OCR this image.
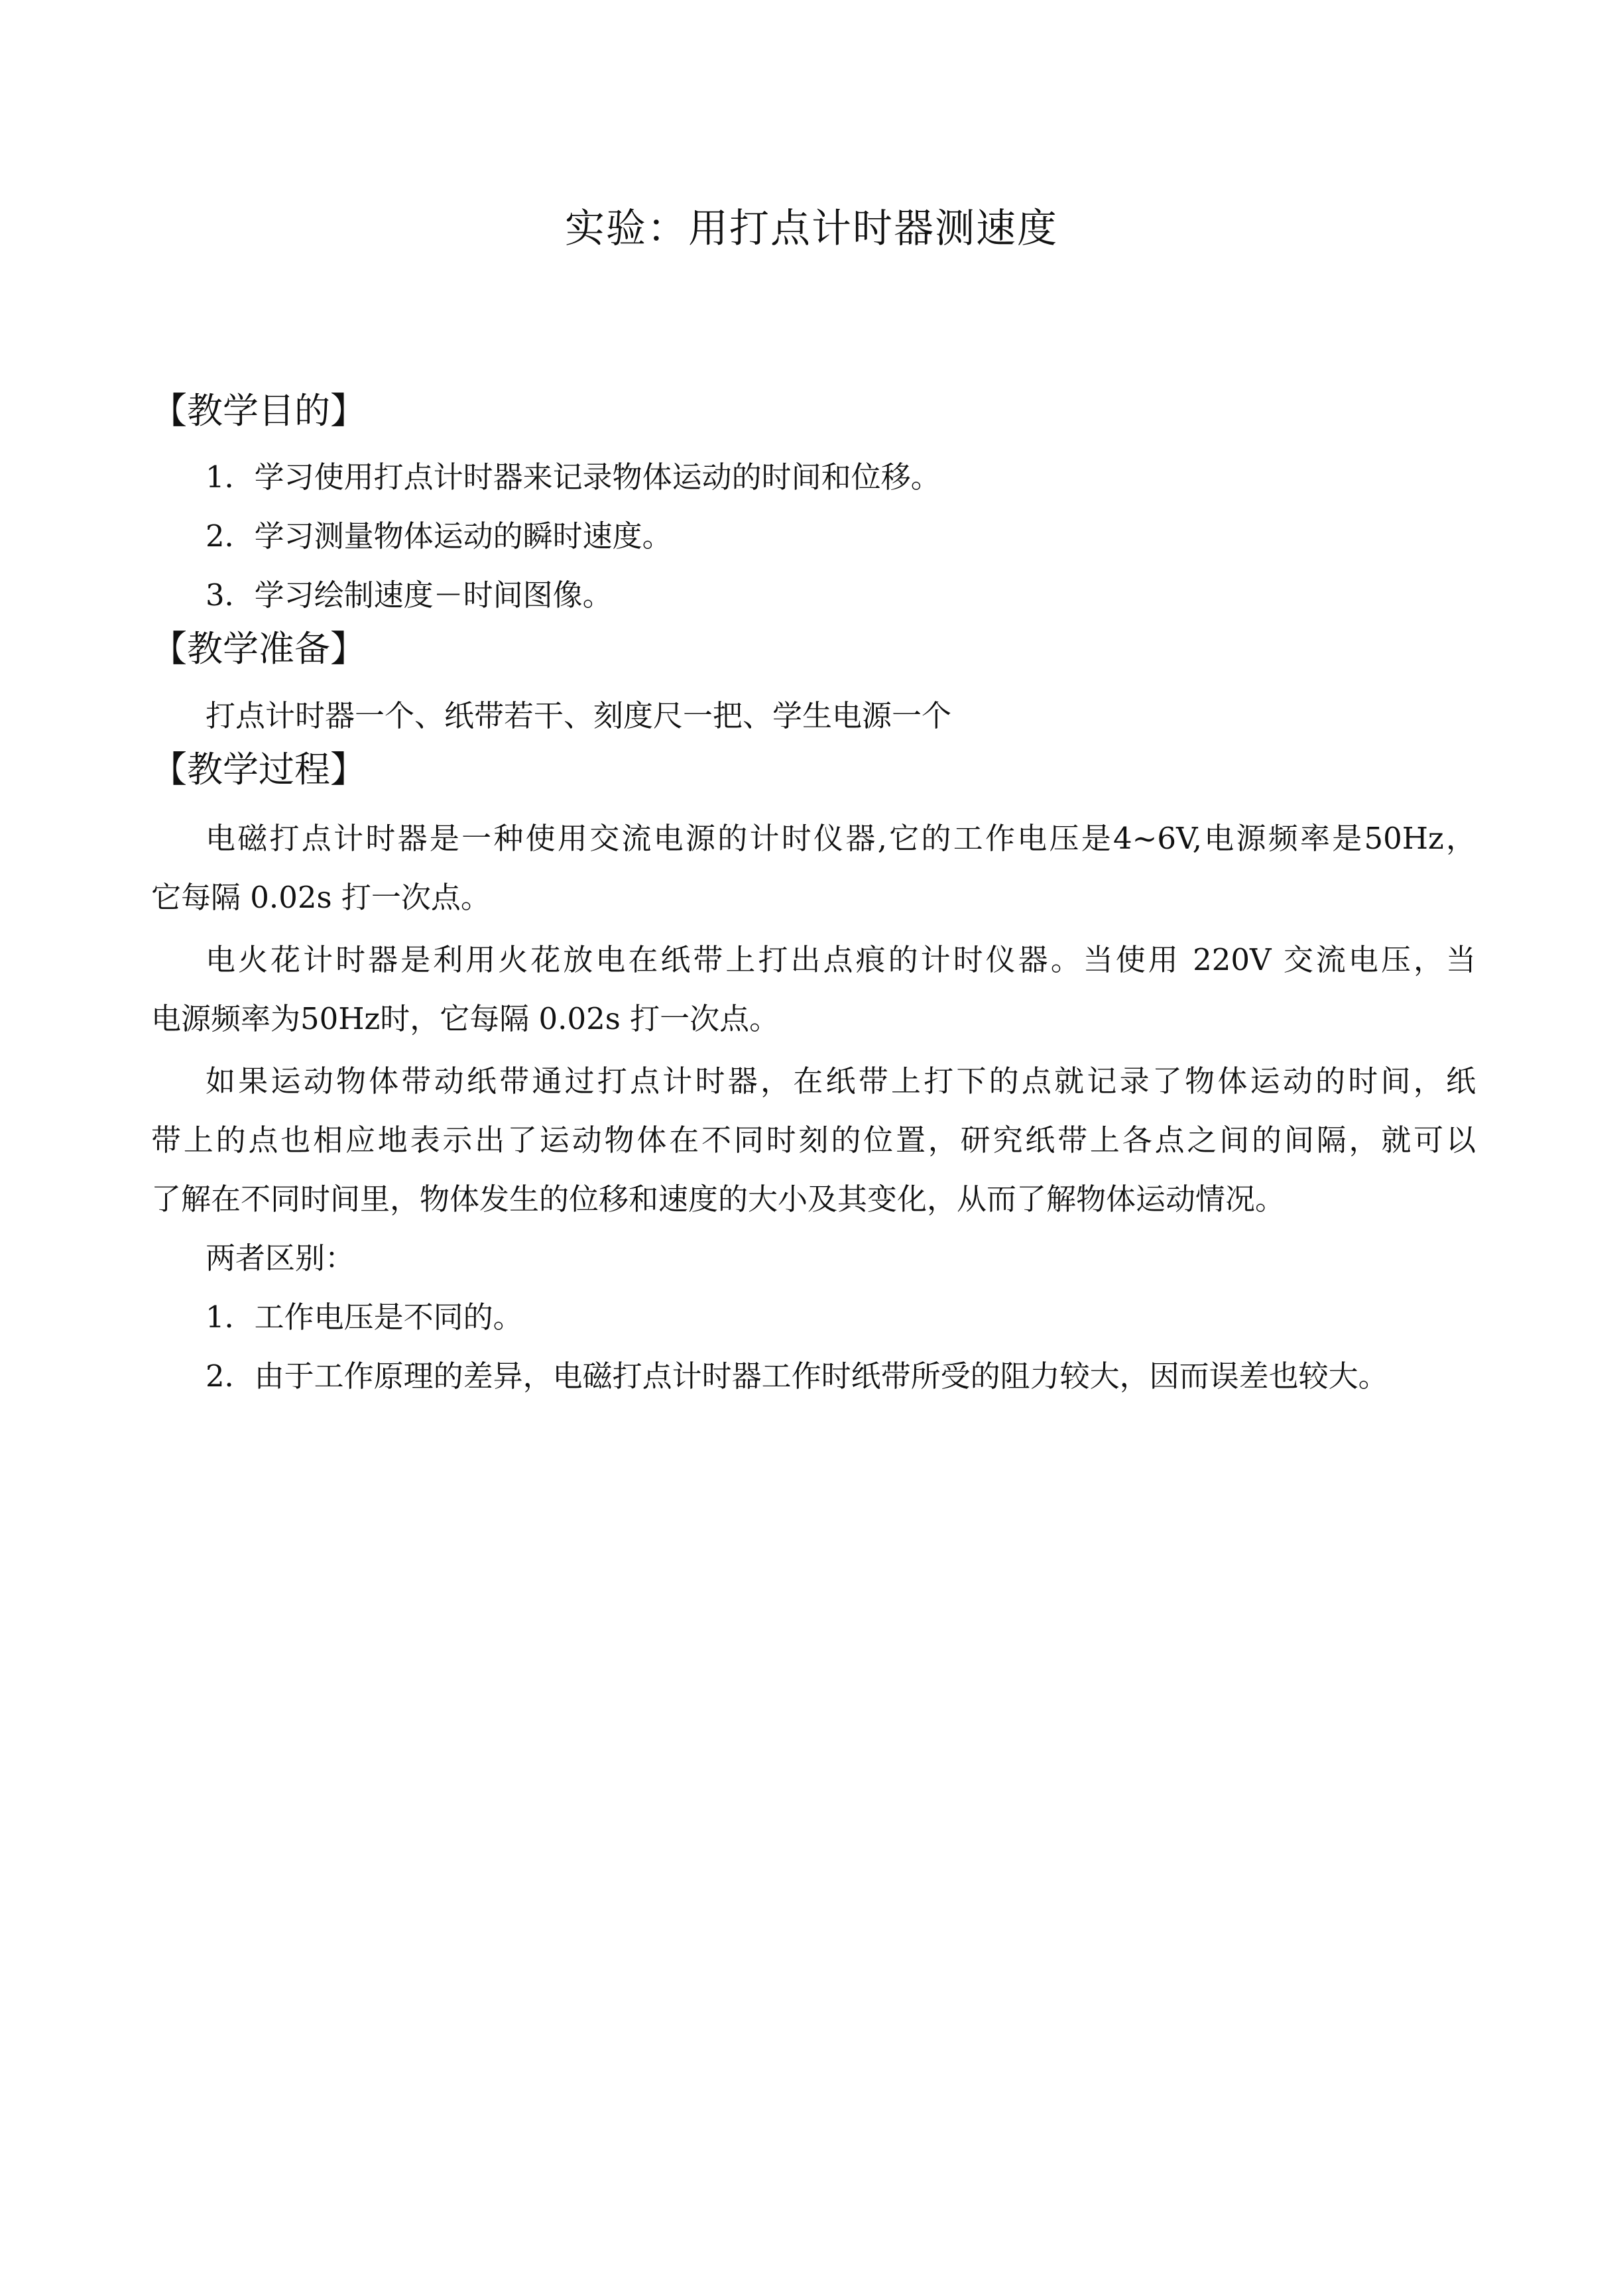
实验：用打点计时器测速度
【教学目的】
1．学习使用打点计时器来记录物体运动的时间和位移。
2．学习测量物体运动的瞬时速度。
3．学习绘制速度－时间图像。
【教学准备】
打点计时器一个、纸带若干、刻度尺一把、学生电源一个
【教学过程】
电磁打点计时器是一种使用交流电源的计时仪器,它的工作电压是4~6V,电源频率是50Hz，
它每隔 0.02s 打一次点。
电火花计时器是利用火花放电在纸带上打出点痕的计时仪器。当使用 220V 交流电压，当
电源频率为50Hz时，它每隔 0.02s 打一次点。
如果运动物体带动纸带通过打点计时器，在纸带上打下的点就记录了物体运动的时间，纸
带上的点也相应地表示出了运动物体在不同时刻的位置，研究纸带上各点之间的间隔，就可以
了解在不同时间里，物体发生的位移和速度的大小及其变化，从而了解物体运动情况。
两者区别：
1．工作电压是不同的。
2．由于工作原理的差异，电磁打点计时器工作时纸带所受的阻力较大，因而误差也较大。
